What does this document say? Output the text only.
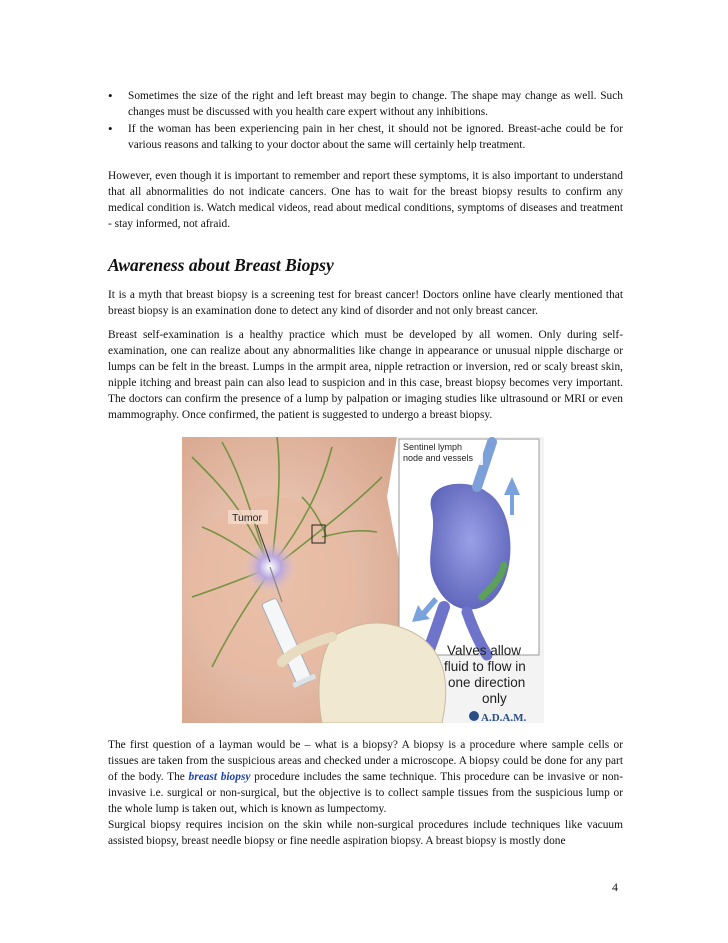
• Sometimes the size of the right and left breast may begin to change. The shape may change as well. Such changes must be discussed with you health care expert without any inhibitions.
• If the woman has been experiencing pain in her chest, it should not be ignored. Breast-ache could be for various reasons and talking to your doctor about the same will certainly help treatment.

However, even though it is important to remember and report these symptoms, it is also important to understand that all abnormalities do not indicate cancers. One has to wait for the breast biopsy results to confirm any medical condition is. Watch medical videos, read about medical conditions, symptoms of diseases and treatment - stay informed, not afraid.

Awareness about Breast Biopsy

It is a myth that breast biopsy is a screening test for breast cancer! Doctors online have clearly mentioned that breast biopsy is an examination done to detect any kind of disorder and not only breast cancer.

Breast self-examination is a healthy practice which must be developed by all women. Only during self-examination, one can realize about any abnormalities like change in appearance or unusual nipple discharge or lumps can be felt in the breast. Lumps in the armpit area, nipple retraction or inversion, red or scaly breast skin, nipple itching and breast pain can also lead to suspicion and in this case, breast biopsy becomes very important. The doctors can confirm the presence of a lump by palpation or imaging studies like ultrasound or MRI or even mammography. Once confirmed, the patient is suggested to undergo a breast biopsy.

Tumor
Sentinel lymph
node and vessels
Valves allow
fluid to flow in
one direction
only
A.D.A.M.

The first question of a layman would be – what is a biopsy? A biopsy is a procedure where sample cells or tissues are taken from the suspicious areas and checked under a microscope. A biopsy could be done for any part of the body. The breast biopsy procedure includes the same technique. This procedure can be invasive or non-invasive i.e. surgical or non-surgical, but the objective is to collect sample tissues from the suspicious lump or the whole lump is taken out, which is known as lumpectomy.

Surgical biopsy requires incision on the skin while non-surgical procedures include techniques like vacuum assisted biopsy, breast needle biopsy or fine needle aspiration biopsy. A breast biopsy is mostly done

4
